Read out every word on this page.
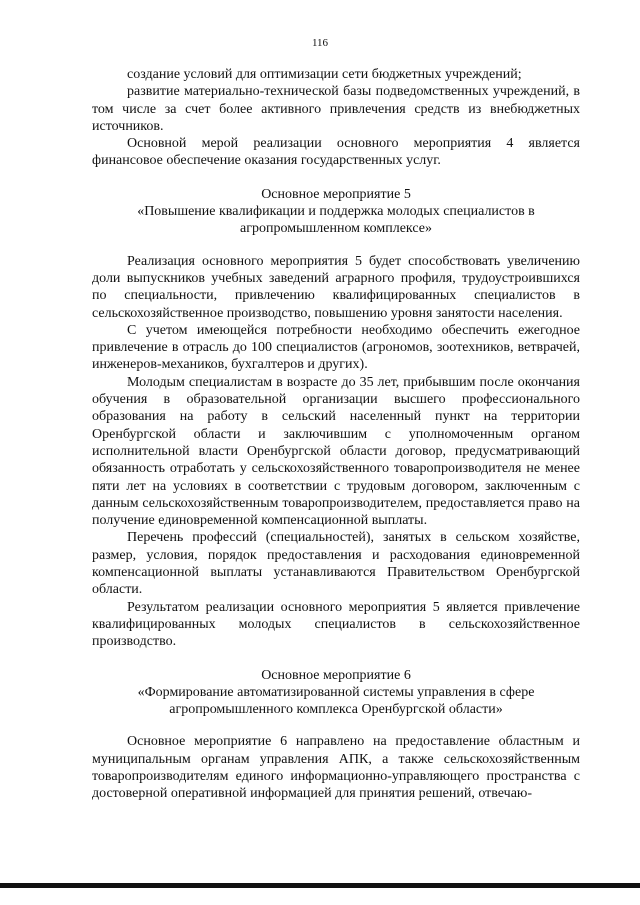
116

создание условий для оптимизации сети бюджетных учреждений;

развитие материально-технической базы подведомственных учреждений, в том числе за счет более активного привлечения средств из внебюджетных источников.

Основной мерой реализации основного мероприятия 4 является финансовое обеспечение оказания государственных услуг.

Основное мероприятие 5
«Повышение квалификации и поддержка молодых специалистов в агропромышленном комплексе»

Реализация основного мероприятия 5 будет способствовать увеличению доли выпускников учебных заведений аграрного профиля, трудоустроившихся по специальности, привлечению квалифицированных специалистов в сельскохозяйственное производство, повышению уровня занятости населения.

С учетом имеющейся потребности необходимо обеспечить ежегодное привлечение в отрасль до 100 специалистов (агрономов, зоотехников, ветврачей, инженеров-механиков, бухгалтеров и других).

Молодым специалистам в возрасте до 35 лет, прибывшим после окончания обучения в образовательной организации высшего профессионального образования на работу в сельский населенный пункт на территории Оренбургской области и заключившим с уполномоченным органом исполнительной власти Оренбургской области договор, предусматривающий обязанность отработать у сельскохозяйственного товаропроизводителя не менее пяти лет на условиях в соответствии с трудовым договором, заключенным с данным сельскохозяйственным товаропроизводителем, предоставляется право на получение единовременной компенсационной выплаты.

Перечень профессий (специальностей), занятых в сельском хозяйстве, размер, условия, порядок предоставления и расходования единовременной компенсационной выплаты устанавливаются Правительством Оренбургской области.

Результатом реализации основного мероприятия 5 является привлечение квалифицированных молодых специалистов в сельскохозяйственное производство.

Основное мероприятие 6
«Формирование автоматизированной системы управления в сфере агропромышленного комплекса Оренбургской области»

Основное мероприятие 6 направлено на предоставление областным и муниципальным органам управления АПК, а также сельскохозяйственным товаропроизводителям единого информационно-управляющего пространства с достоверной оперативной информацией для принятия решений, отвечаю-
